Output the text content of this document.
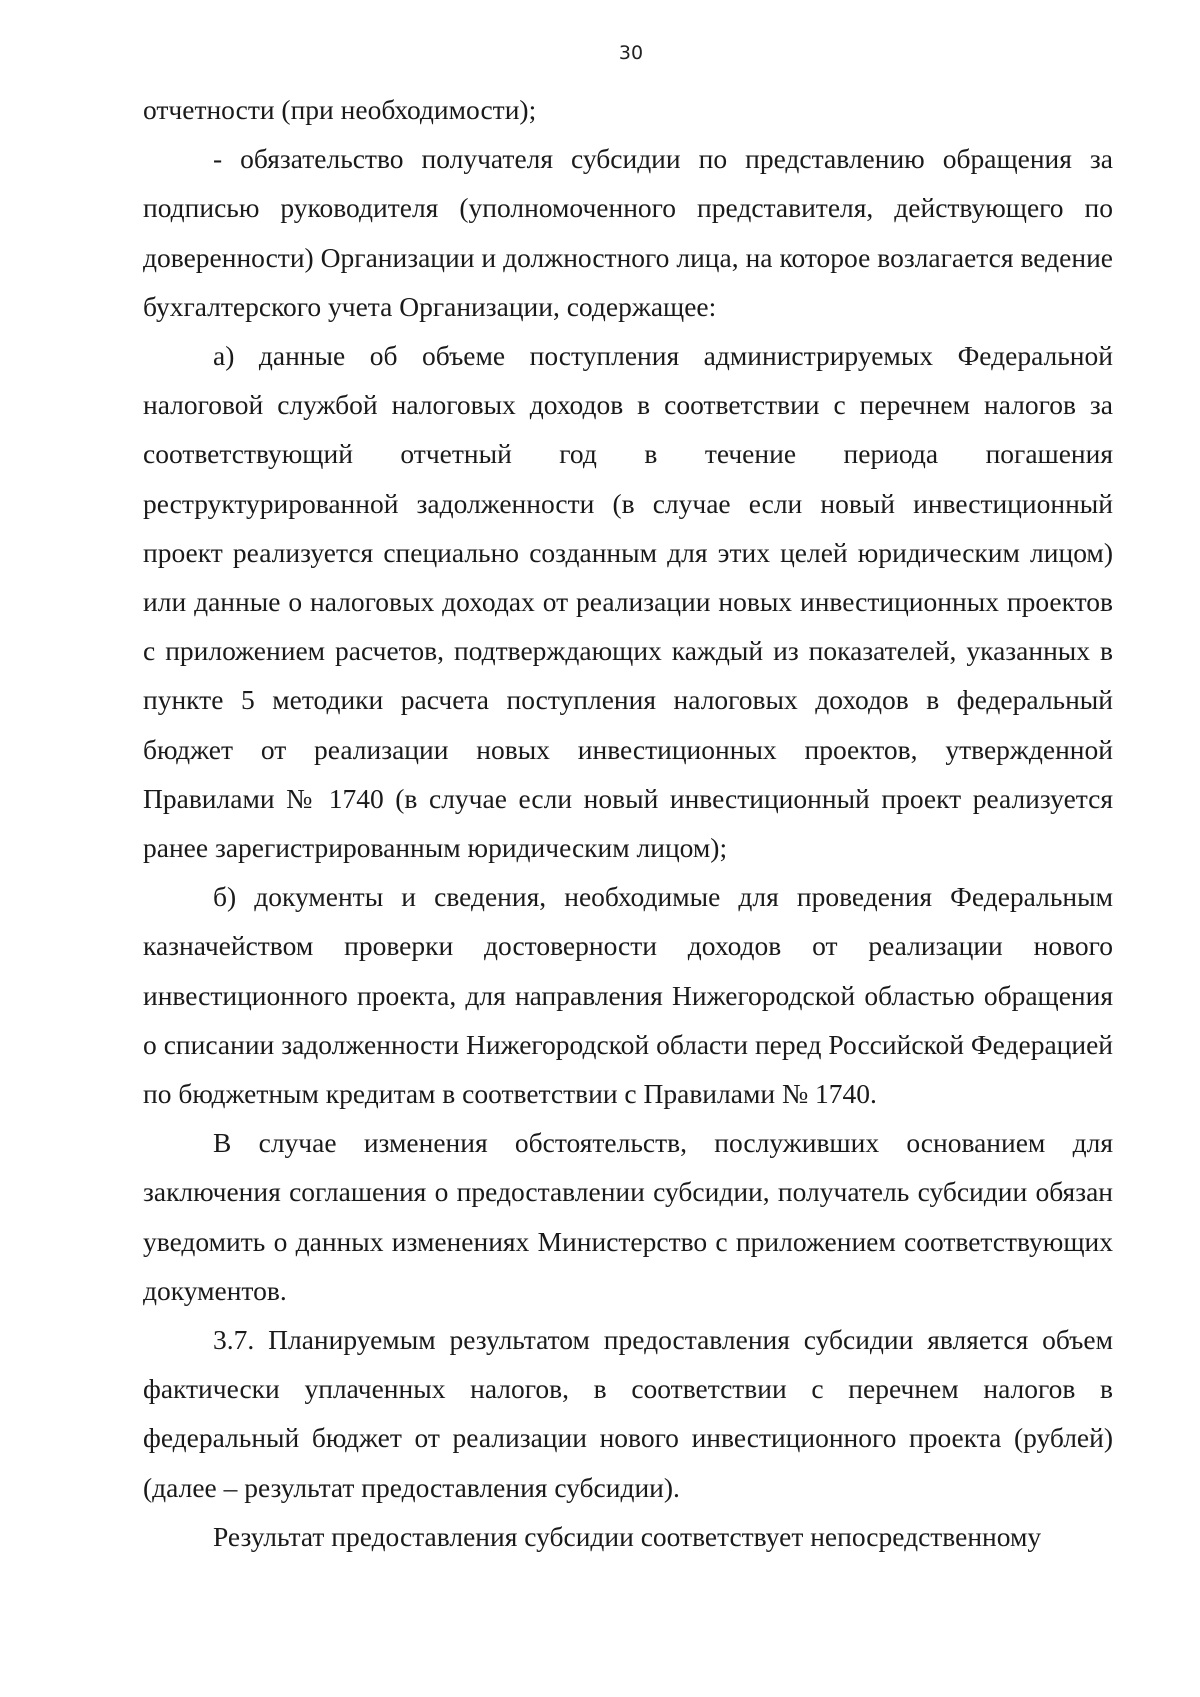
30

отчетности (при необходимости);

- обязательство получателя субсидии по представлению обращения за подписью руководителя (уполномоченного представителя, действующего по доверенности) Организации и должностного лица, на которое возлагается ведение бухгалтерского учета Организации, содержащее:

а) данные об объеме поступления администрируемых Федеральной налоговой службой налоговых доходов в соответствии с перечнем налогов за соответствующий отчетный год в течение периода погашения реструктурированной задолженности (в случае если новый инвестиционный проект реализуется специально созданным для этих целей юридическим лицом) или данные о налоговых доходах от реализации новых инвестиционных проектов с приложением расчетов, подтверждающих каждый из показателей, указанных в пункте 5 методики расчета поступления налоговых доходов в федеральный бюджет от реализации новых инвестиционных проектов, утвержденной Правилами № 1740 (в случае если новый инвестиционный проект реализуется ранее зарегистрированным юридическим лицом);

б) документы и сведения, необходимые для проведения Федеральным казначейством проверки достоверности доходов от реализации нового инвестиционного проекта, для направления Нижегородской областью обращения о списании задолженности Нижегородской области перед Российской Федерацией по бюджетным кредитам в соответствии с Правилами № 1740.

В случае изменения обстоятельств, послуживших основанием для заключения соглашения о предоставлении субсидии, получатель субсидии обязан уведомить о данных изменениях Министерство с приложением соответствующих документов.

3.7. Планируемым результатом предоставления субсидии является объем фактически уплаченных налогов, в соответствии с перечнем налогов в федеральный бюджет от реализации нового инвестиционного проекта (рублей) (далее – результат предоставления субсидии).

Результат предоставления субсидии соответствует непосредственному
